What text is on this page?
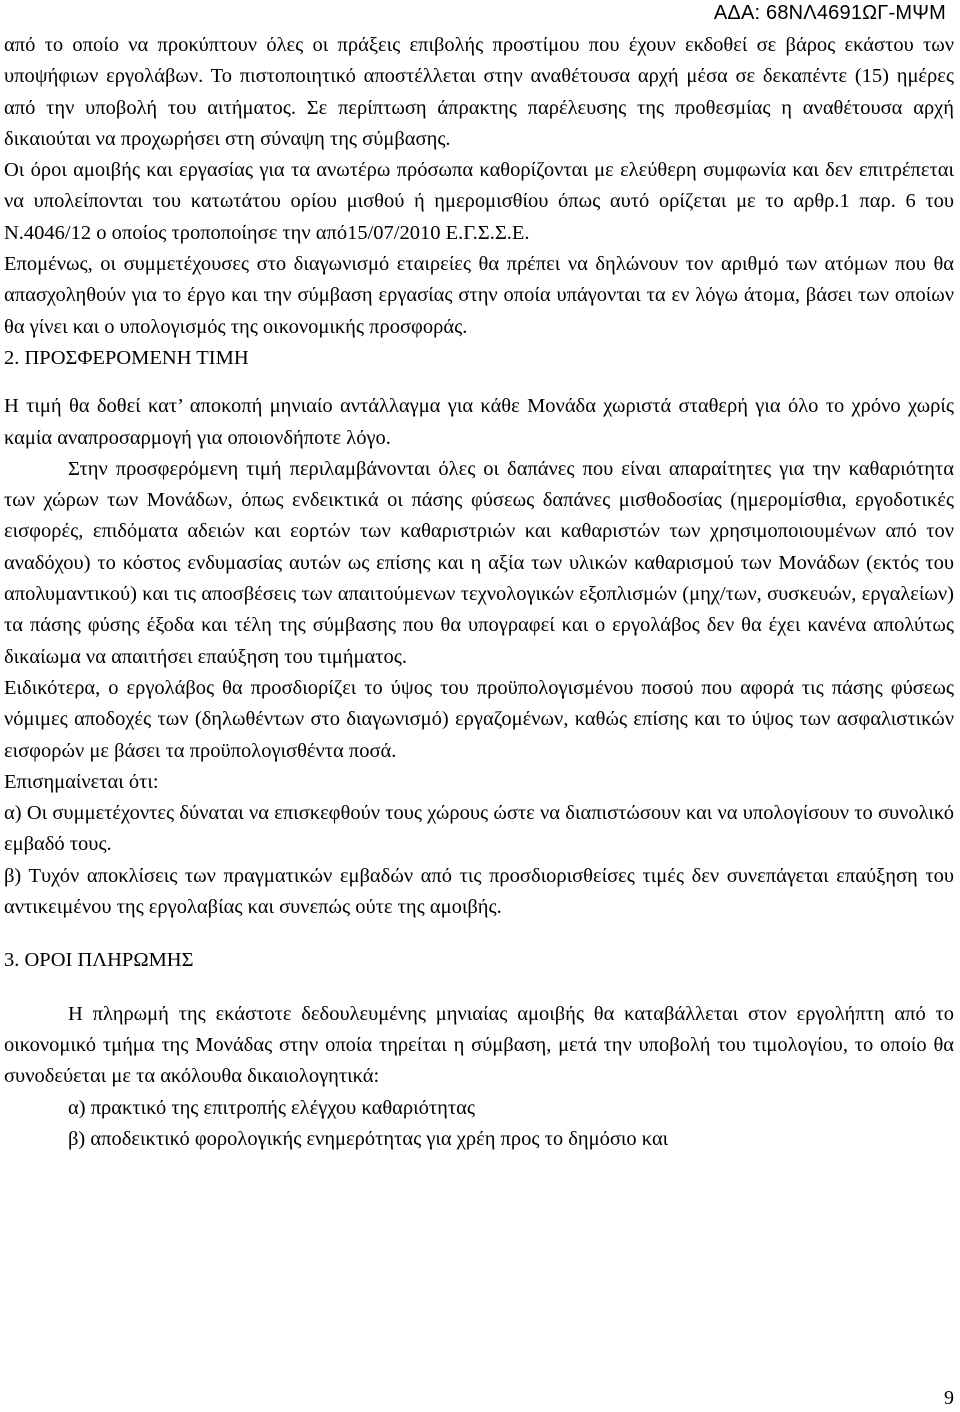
ΑΔΑ: 68ΝΛ4691ΩΓ-ΜΨΜ

από το οποίο να προκύπτουν όλες οι πράξεις επιβολής προστίμου που έχουν εκδοθεί σε βάρος εκάστου των υποψήφιων εργολάβων. Το πιστοποιητικό αποστέλλεται στην αναθέτουσα αρχή μέσα σε δεκαπέντε (15) ημέρες από την υποβολή του αιτήματος. Σε περίπτωση άπρακτης παρέλευσης της προθεσμίας η αναθέτουσα αρχή δικαιούται να προχωρήσει στη σύναψη της σύμβασης.

Οι όροι αμοιβής και εργασίας για τα ανωτέρω πρόσωπα καθορίζονται με ελεύθερη συμφωνία και δεν επιτρέπεται να υπολείπονται του κατωτάτου ορίου μισθού ή ημερομισθίου όπως αυτό ορίζεται με το αρθρ.1 παρ. 6 του Ν.4046/12 ο οποίος τροποποίησε την από15/07/2010 Ε.Γ.Σ.Σ.Ε.

Επομένως, οι συμμετέχουσες στο διαγωνισμό εταιρείες θα πρέπει να δηλώνουν τον αριθμό των ατόμων που θα απασχοληθούν για το έργο και την σύμβαση εργασίας στην οποία υπάγονται τα εν λόγω άτομα, βάσει των οποίων θα γίνει και ο υπολογισμός της οικονομικής προσφοράς.

2. ΠΡΟΣΦΕΡΟΜΕΝΗ ΤΙΜΗ

Η τιμή θα δοθεί κατ’ αποκοπή μηνιαίο αντάλλαγμα για κάθε Μονάδα χωριστά σταθερή για όλο το χρόνο χωρίς καμία αναπροσαρμογή για οποιονδήποτε λόγο.

Στην προσφερόμενη τιμή περιλαμβάνονται όλες οι δαπάνες που είναι απαραίτητες για την καθαριότητα των χώρων των Μονάδων, όπως ενδεικτικά οι πάσης φύσεως δαπάνες μισθοδοσίας (ημερομίσθια, εργοδοτικές εισφορές, επιδόματα αδειών και εορτών των καθαριστριών και καθαριστών των χρησιμοποιουμένων από τον αναδόχου) το κόστος ενδυμασίας αυτών ως επίσης και η αξία των υλικών καθαρισμού των Μονάδων (εκτός του απολυμαντικού) και τις αποσβέσεις των απαιτούμενων τεχνολογικών εξοπλισμών (μηχ/των, συσκευών, εργαλείων) τα πάσης φύσης έξοδα και τέλη της σύμβασης που θα υπογραφεί και ο εργολάβος δεν θα έχει κανένα απολύτως δικαίωμα να απαιτήσει επαύξηση του τιμήματος.

Ειδικότερα, ο εργολάβος θα προσδιορίζει το ύψος του προϋπολογισμένου ποσού που αφορά τις πάσης φύσεως νόμιμες αποδοχές των (δηλωθέντων στο διαγωνισμό) εργαζομένων, καθώς επίσης και το ύψος των ασφαλιστικών εισφορών με βάσει τα προϋπολογισθέντα ποσά.

Επισημαίνεται ότι:

α) Οι συμμετέχοντες δύναται να επισκεφθούν τους χώρους ώστε να διαπιστώσουν και να υπολογίσουν το συνολικό εμβαδό τους.

β) Τυχόν αποκλίσεις των πραγματικών εμβαδών από τις προσδιορισθείσες τιμές δεν συνεπάγεται επαύξηση του αντικειμένου της εργολαβίας και συνεπώς ούτε της αμοιβής.

3. ΟΡΟΙ ΠΛΗΡΩΜΗΣ

Η πληρωμή της εκάστοτε δεδουλευμένης μηνιαίας αμοιβής θα καταβάλλεται στον εργολήπτη από το οικονομικό τμήμα της Μονάδας στην οποία τηρείται η σύμβαση, μετά την υποβολή του τιμολογίου, το οποίο θα συνοδεύεται με τα ακόλουθα δικαιολογητικά:

α) πρακτικό της επιτροπής ελέγχου καθαριότητας

β) αποδεικτικό φορολογικής ενημερότητας για χρέη προς το δημόσιο και

9
